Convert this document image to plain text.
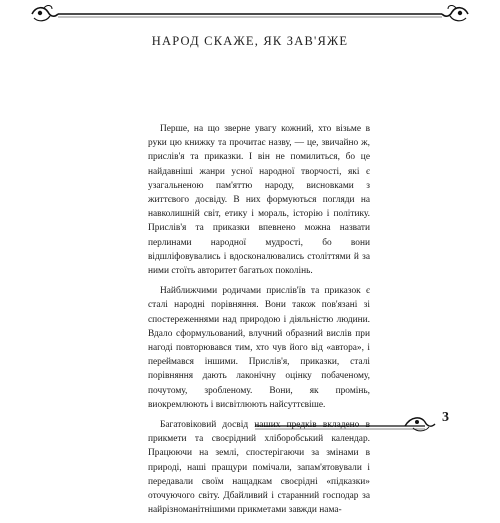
НАРОД СКАЖЕ, ЯК ЗАВ'ЯЖЕ

Перше, на що зверне увагу кожний, хто візьме в руки цю книжку та прочитає назву, — це, звичайно ж, прислів'я та приказки. І він не помилиться, бо це найдавніші жанри усної народної творчості, які є узагальненою пам'яттю народу, висновками з життєвого досвіду. В них формуються погляди на навколишній світ, етику і мораль, історію і політику. Прислів'я та приказки впевнено можна назвати перлинами народної мудрості, бо вони відшліфовувались і вдосконалювались століттями й за ними стоїть авторитет багатьох поколінь.

Найближчими родичами прислів'їв та приказок є сталі народні порівняння. Вони також пов'язані зі спостереженнями над природою і діяльністю людини. Вдало сформульований, влучний образний вислів при нагоді повторювався тим, хто чув його від «автора», і переймався іншими. Прислів'я, приказки, сталі порівняння дають лаконічну оцінку побаченому, почутому, зробленому. Вони, як промінь, виокремлюють і висвітлюють найсуттєвіше.

Багатовіковий досвід наших предків вкладено в прикмети та своєрідний хліборобський календар. Працюючи на землі, спостерігаючи за змінами в природі, наші пращури помічали, запам'ятовували і передавали своїм нащадкам своєрідні «підказки» оточуючого світу. Дбайливий і старанний господар за найрізноманітнішими прикметами завжди нама-

3
